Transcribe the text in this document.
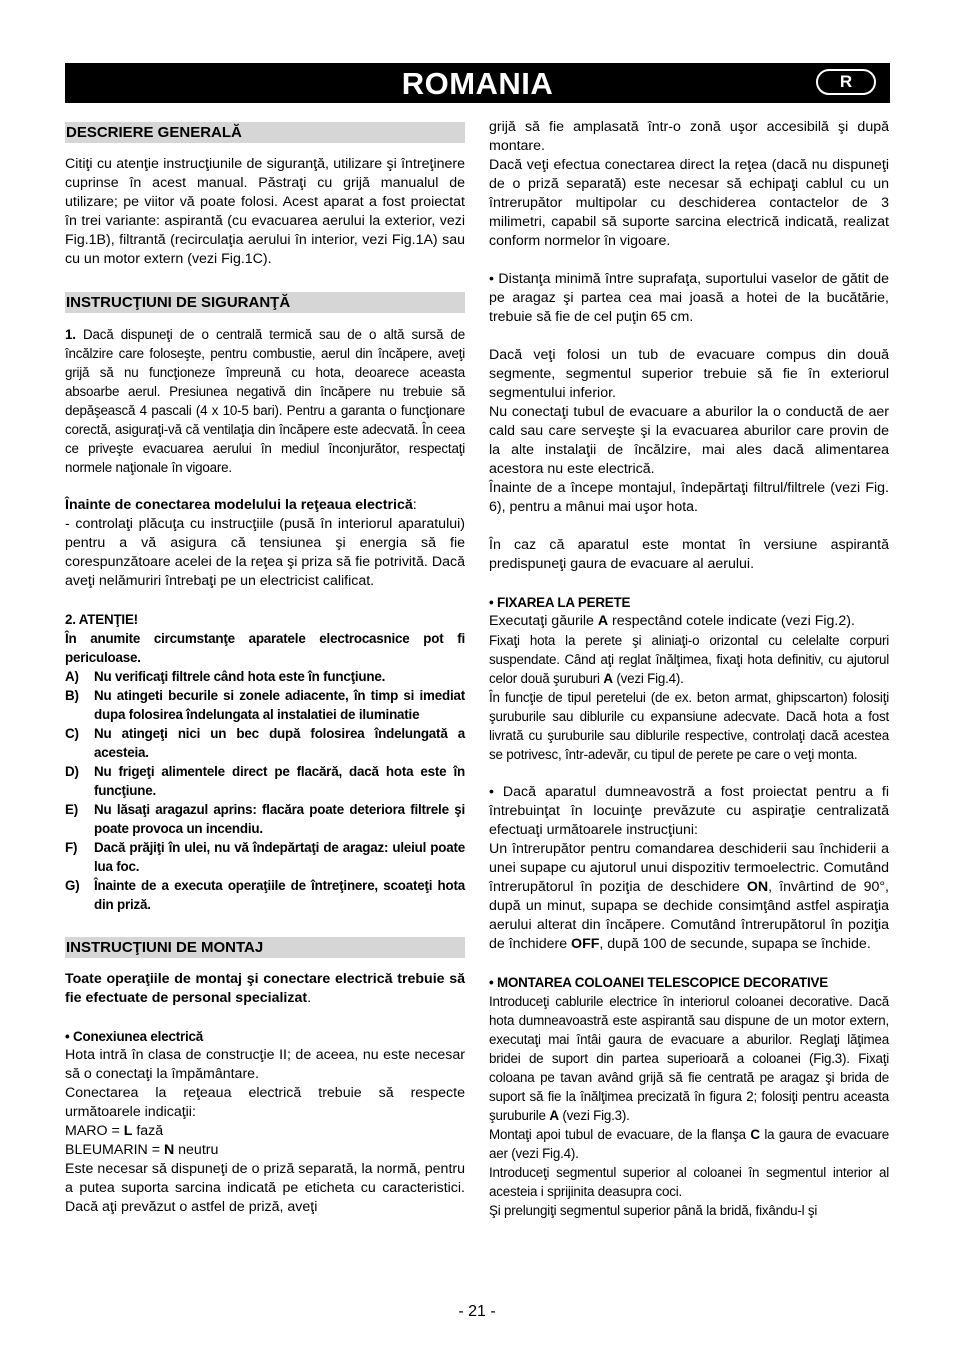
ROMANIA	R
DESCRIERE GENERALĂ

Citiţi cu atenţie instrucţiunile de siguranţă, utilizare şi întreţinere cuprinse în acest manual. Păstraţi cu grijă manualul de utilizare; pe viitor vă poate folosi. Acest aparat a fost proiectat în trei variante: aspirantă (cu evacuarea aerului la exterior, vezi Fig.1B), filtrantă (recirculaţia aerului în interior, vezi Fig.1A) sau cu un motor extern (vezi Fig.1C).

INSTRUCŢIUNI DE SIGURANŢĂ

1. Dacă dispuneţi de o centrală termică sau de o altă sursă de încălzire care foloseşte, pentru combustie, aerul din încăpere, aveţi grijă să nu funcţioneze împreună cu hota, deoarece aceasta absoarbe aerul. Presiunea negativă din încăpere nu trebuie să depăşească 4 pascali (4 x 10-5 bari). Pentru a garanta o funcţionare corectă, asiguraţi-vă că ventilaţia din încăpere este adecvată. În ceea ce priveşte evacuarea aerului în mediul înconjurător, respectaţi normele naţionale în vigoare.

Înainte de conectarea modelului la reţeaua electrică:

- controlaţi plăcuţa cu instrucţiile (pusă în interiorul aparatului) pentru a vă asigura că tensiunea şi energia să fie corespunzătoare acelei de la reţea şi priza să fie potrivită. Dacă aveţi nelămuriri întrebaţi pe un electricist calificat.

2. ATENŢIE!

În anumite circumstanţe aparatele electrocasnice pot fi periculoase.

A)	Nu verificaţi filtrele când hota este în funcţiune.
B)	Nu atingeti becurile si zonele adiacente, în timp si imediat dupa folosirea îndelungata al instalatiei de iluminatie
C)	Nu atingeţi nici un bec după folosirea îndelungată a acesteia.
D)	Nu frigeţi alimentele direct pe flacără, dacă hota este în funcţiune.
E)	Nu lăsaţi aragazul aprins: flacăra poate deteriora filtrele şi poate provoca un incendiu.
F)	Dacă prăjiţi în ulei, nu vă îndepărtaţi de aragaz: uleiul poate lua foc.
G)	Înainte de a executa operaţiile de întreţinere, scoateţi hota din priză.
INSTRUCŢIUNI DE MONTAJ

Toate operaţiile de montaj şi conectare electrică trebuie să fie efectuate de personal specializat.

• Conexiunea electrică

Hota intră în clasa de construcţie II; de aceea, nu este necesar să o conectaţi la împământare.

Conectarea la reţeaua electrică trebuie să respecte următoarele indicaţii:

MARO = L fază

BLEUMARIN = N neutru

Este necesar să dispuneţi de o priză separată, la normă, pentru a putea suporta sarcina indicată pe eticheta cu caracteristici. Dacă aţi prevăzut o astfel de priză, aveţi

grijă să fie amplasată într-o zonă uşor accesibilă şi după montare.

Dacă veţi efectua conectarea direct la reţea (dacă nu dispuneţi de o priză separată) este necesar să echipaţi cablul cu un întrerupător multipolar cu deschiderea contactelor de 3 milimetri, capabil să suporte sarcina electrică indicată, realizat conform normelor în vigoare.

• Distanţa minimă între suprafaţa, suportului vaselor de gătit de pe aragaz şi partea cea mai joasă a hotei de la bucătărie, trebuie să fie de cel puţin 65 cm.

Dacă veţi folosi un tub de evacuare compus din două segmente, segmentul superior trebuie să fie în exteriorul segmentului inferior.

Nu conectaţi tubul de evacuare a aburilor la o conductă de aer cald sau care serveşte şi la evacuarea aburilor care provin de la alte instalaţii de încălzire, mai ales dacă alimentarea acestora nu este electrică.

Înainte de a începe montajul, îndepărtaţi filtrul/filtrele (vezi Fig. 6), pentru a mânui mai uşor hota.

În caz că aparatul este montat în versiune aspirantă predispuneţi gaura de evacuare al aerului.

• FIXAREA LA PERETE

Executaţi găurile A respectând cotele indicate (vezi Fig.2).

Fixaţi hota la perete şi aliniaţi-o orizontal cu celelalte corpuri suspendate. Când aţi reglat înălţimea, fixaţi hota definitiv, cu ajutorul celor două şuruburi A (vezi Fig.4).

În funcţie de tipul peretelui (de ex. beton armat, ghipscarton) folosiţi şuruburile sau diblurile cu expansiune adecvate. Dacă hota a fost livrată cu şuruburile sau diblurile respective, controlaţi dacă acestea se potrivesc, într-adevăr, cu tipul de perete pe care o veţi monta.

• Dacă aparatul dumneavostră a fost proiectat pentru a fi întrebuinţat în locuinţe prevăzute cu aspiraţie centralizată efectuaţi următoarele instrucţiuni:

Un întrerupător pentru comandarea deschiderii sau închiderii a unei supape cu ajutorul unui dispozitiv termoelectric. Comutând întrerupătorul în poziţia de deschidere ON, învârtind de 90°, după un minut, supapa se dechide consimţând astfel aspiraţia aerului alterat din încăpere. Comutând întrerupătorul în poziţia de închidere OFF, după 100 de secunde, supapa se închide.

• MONTAREA COLOANEI TELESCOPICE DECORATIVE

Introduceţi cablurile electrice în interiorul coloanei decorative. Dacă hota dumneavoastră este aspirantă sau dispune de un motor extern, executaţi mai întâi gaura de evacuare a aburilor. Reglaţi lăţimea bridei de suport din partea superioară a coloanei (Fig.3). Fixaţi coloana pe tavan având grijă să fie centrată pe aragaz şi brida de suport să fie la înălţimea precizată în figura 2; folosiţi pentru aceasta şuruburile A (vezi Fig.3).

Montaţi apoi tubul de evacuare, de la flanşa C la gaura de evacuare aer (vezi Fig.4).

Introduceţi segmentul superior al coloanei în segmentul interior al acesteia i sprijinita deasupra coci.

Şi prelungiţi segmentul superior până la bridă, fixându-l şi

- 21 -
